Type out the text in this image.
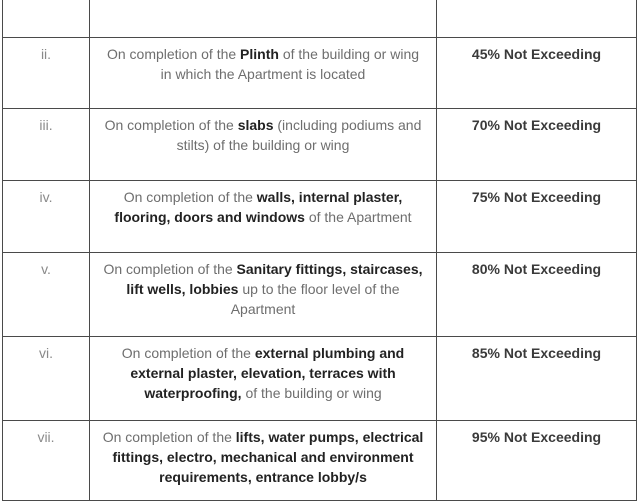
ii.	On completion of the Plinth of the building or wing in which the Apartment is located	45% Not Exceeding
iii.	On completion of the slabs (including podiums and stilts) of the building or wing	70% Not Exceeding
iv.	On completion of the walls, internal plaster, flooring, doors and windows of the Apartment	75% Not Exceeding
v.	On completion of the Sanitary fittings, staircases, lift wells, lobbies up to the floor level of the Apartment	80% Not Exceeding
vi.	On completion of the external plumbing and external plaster, elevation, terraces with waterproofing, of the building or wing	85% Not Exceeding
vii.	On completion of the lifts, water pumps, electrical fittings, electro, mechanical and environment requirements, entrance lobby/s	95% Not Exceeding
